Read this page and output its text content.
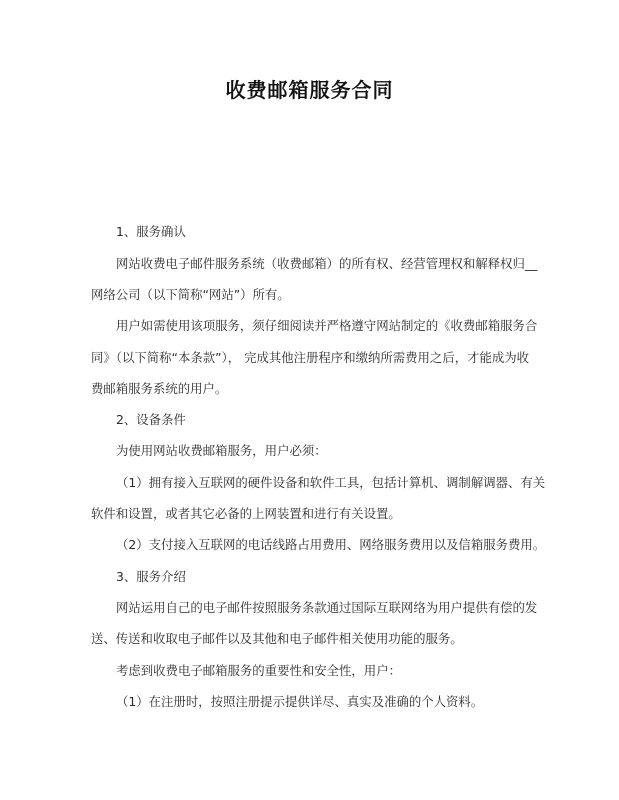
收费邮箱服务合同
1、服务确认
网站收费电子邮件服务系统（收费邮箱）的所有权、经营管理权和解释权归__
网络公司（以下简称“网站”）所有。
用户如需使用该项服务，须仔细阅读并严格遵守网站制定的《收费邮箱服务合
同》（以下简称“本条款”）， 完成其他注册程序和缴纳所需费用之后，才能成为收
费邮箱服务系统的用户。
2、设备条件
为使用网站收费邮箱服务，用户必须：
（1）拥有接入互联网的硬件设备和软件工具，包括计算机、调制解调器、有关
软件和设置，或者其它必备的上网装置和进行有关设置。
（2）支付接入互联网的电话线路占用费用、网络服务费用以及信箱服务费用。
3、服务介绍
网站运用自己的电子邮件按照服务条款通过国际互联网络为用户提供有偿的发
送、传送和收取电子邮件以及其他和电子邮件相关使用功能的服务。
考虑到收费电子邮箱服务的重要性和安全性，用户：
（1）在注册时，按照注册提示提供详尽、真实及准确的个人资料。
